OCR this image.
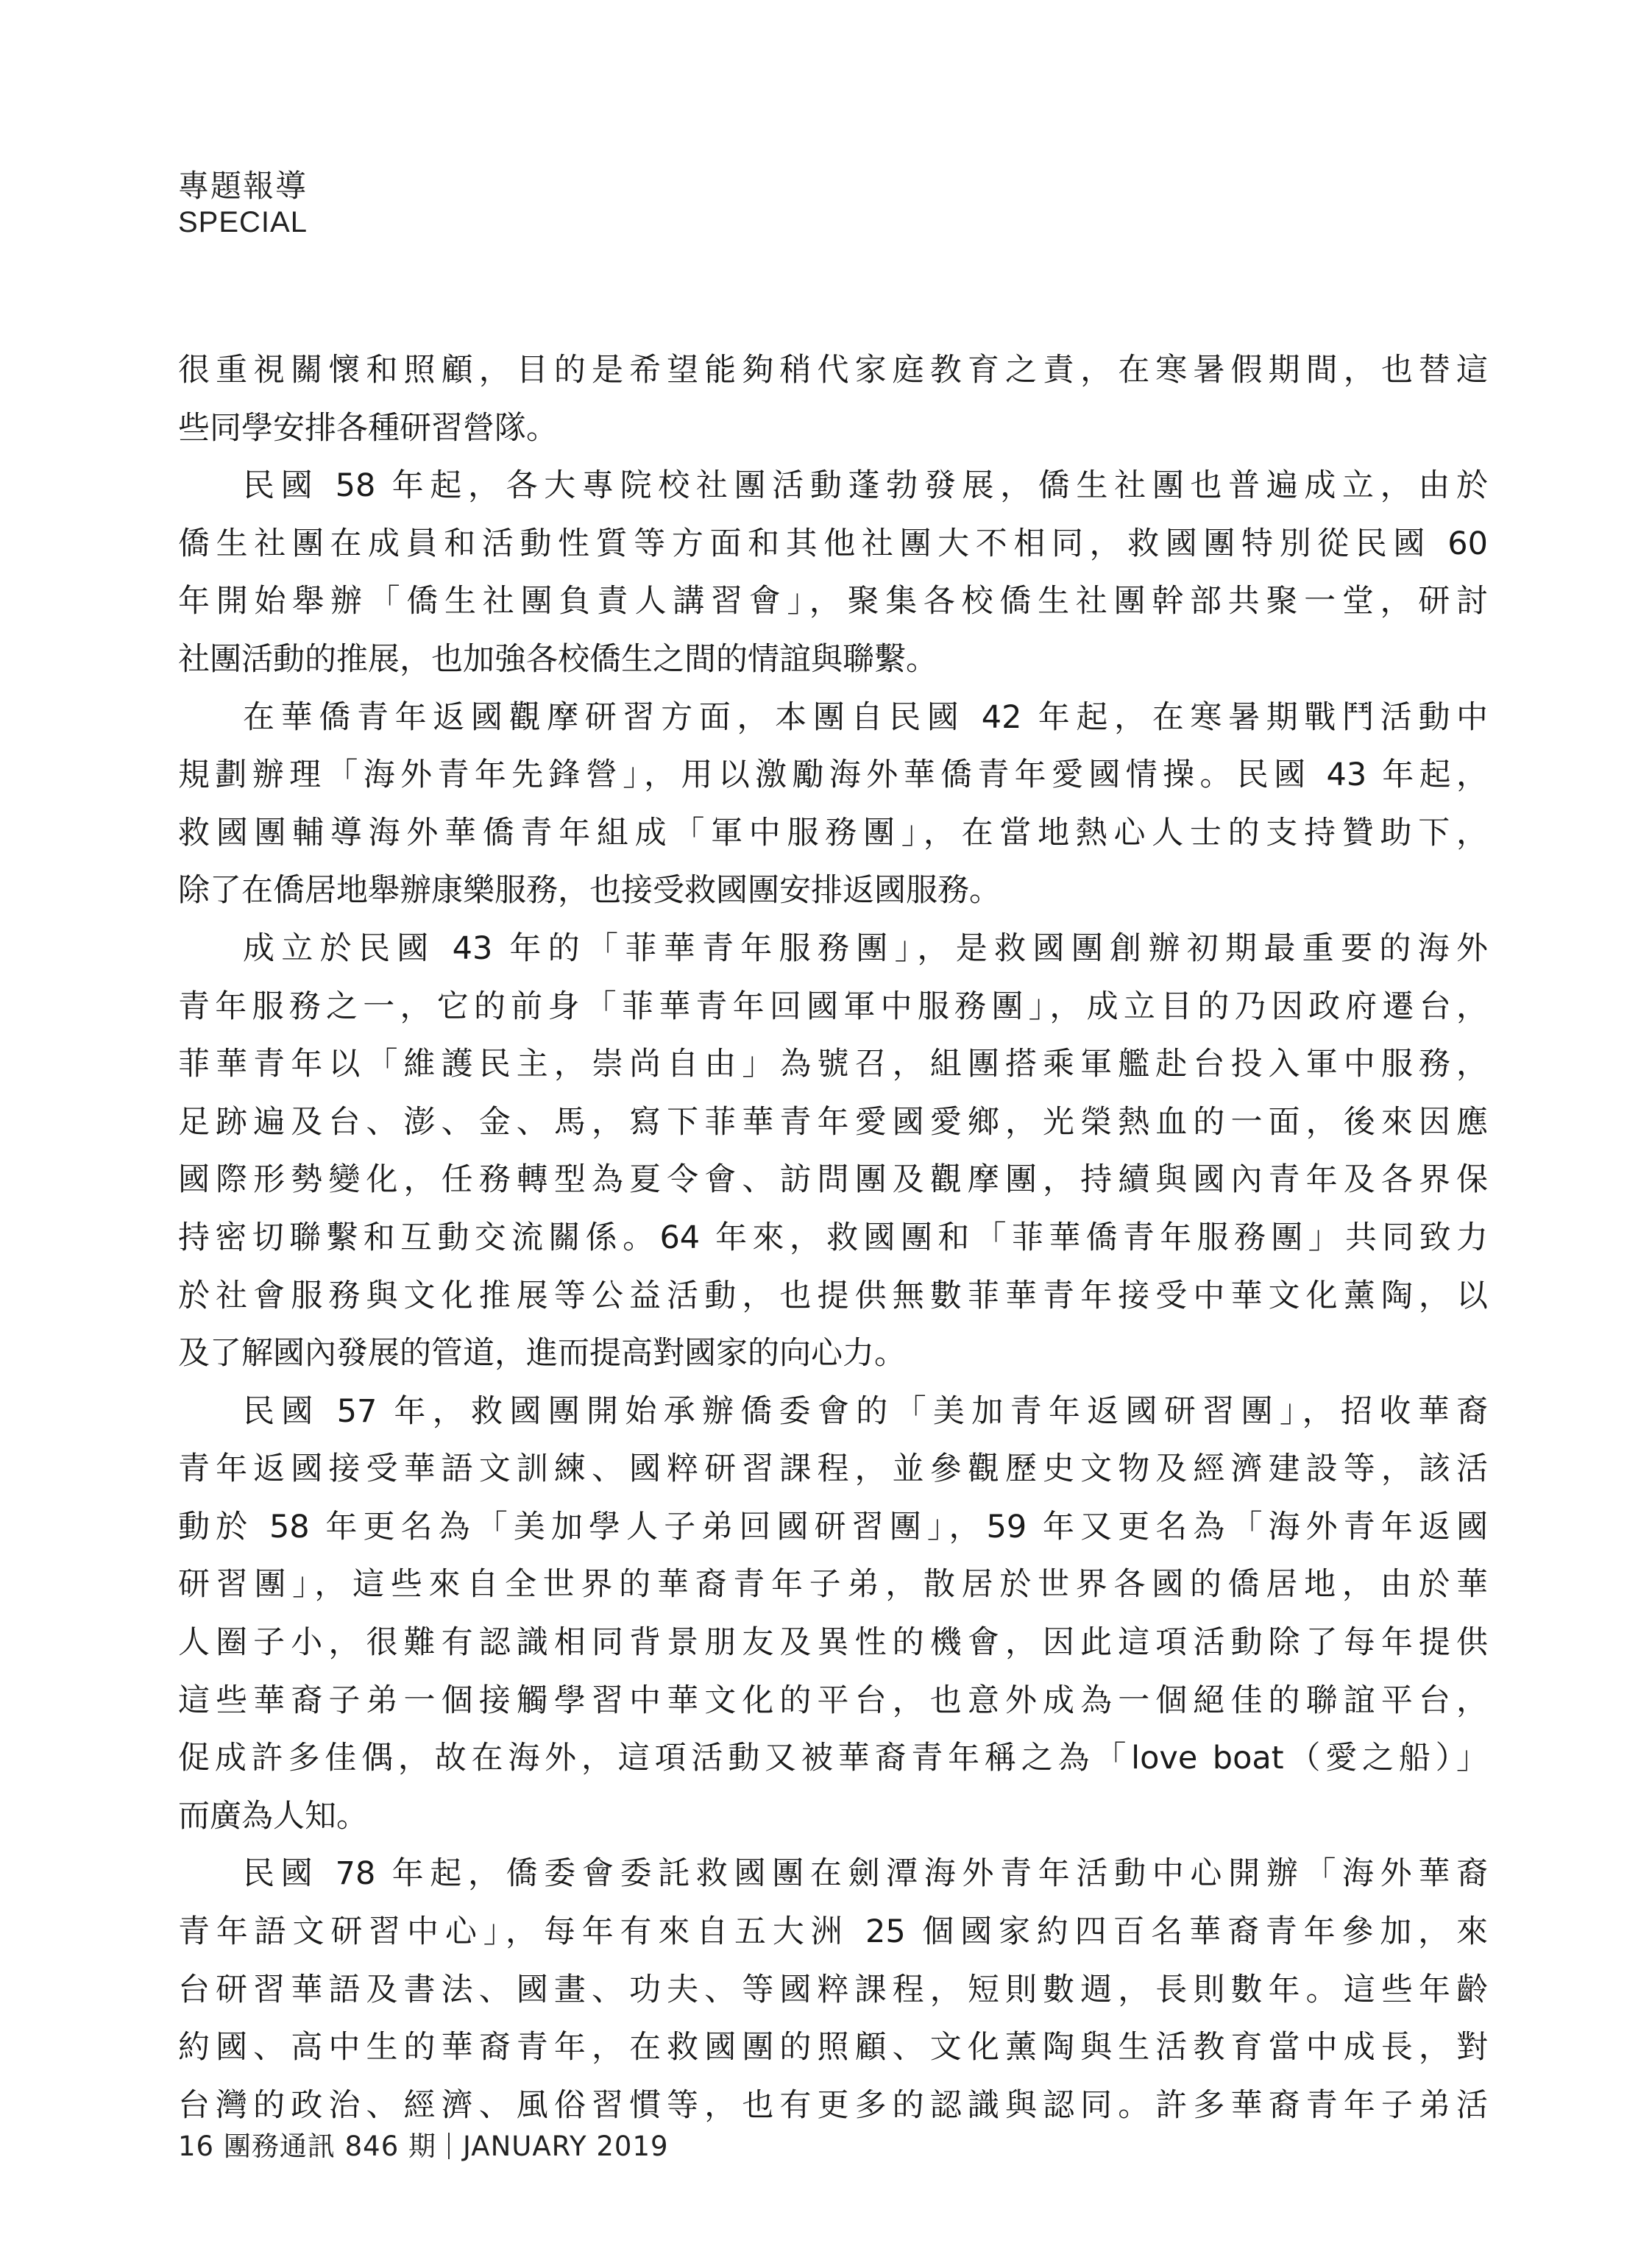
專題報導
SPECIAL
很重視關懷和照顧，目的是希望能夠稍代家庭教育之責，在寒暑假期間，也替這
些同學安排各種研習營隊。
民國 58 年起，各大專院校社團活動蓬勃發展，僑生社團也普遍成立，由於
僑生社團在成員和活動性質等方面和其他社團大不相同，救國團特別從民國 60
年開始舉辦「僑生社團負責人講習會」，聚集各校僑生社團幹部共聚一堂，研討
社團活動的推展，也加強各校僑生之間的情誼與聯繫。
在華僑青年返國觀摩研習方面，本團自民國 42 年起，在寒暑期戰鬥活動中
規劃辦理「海外青年先鋒營」，用以激勵海外華僑青年愛國情操。民國 43 年起，
救國團輔導海外華僑青年組成「軍中服務團」，在當地熱心人士的支持贊助下，
除了在僑居地舉辦康樂服務，也接受救國團安排返國服務。
成立於民國 43 年的「菲華青年服務團」，是救國團創辦初期最重要的海外
青年服務之一，它的前身「菲華青年回國軍中服務團」，成立目的乃因政府遷台，
菲華青年以「維護民主，崇尚自由」為號召，組團搭乘軍艦赴台投入軍中服務，
足跡遍及台、澎、金、馬，寫下菲華青年愛國愛鄉，光榮熱血的一面，後來因應
國際形勢變化，任務轉型為夏令會、訪問團及觀摩團，持續與國內青年及各界保
持密切聯繫和互動交流關係。64 年來，救國團和「菲華僑青年服務團」共同致力
於社會服務與文化推展等公益活動，也提供無數菲華青年接受中華文化薰陶，以
及了解國內發展的管道，進而提高對國家的向心力。
民國 57 年，救國團開始承辦僑委會的「美加青年返國研習團」，招收華裔
青年返國接受華語文訓練、國粹研習課程，並參觀歷史文物及經濟建設等，該活
動於 58 年更名為「美加學人子弟回國研習團」，59 年又更名為「海外青年返國
研習團」，這些來自全世界的華裔青年子弟，散居於世界各國的僑居地，由於華
人圈子小，很難有認識相同背景朋友及異性的機會，因此這項活動除了每年提供
這些華裔子弟一個接觸學習中華文化的平台，也意外成為一個絕佳的聯誼平台，
促成許多佳偶，故在海外，這項活動又被華裔青年稱之為「love boat（愛之船）」
而廣為人知。
民國 78 年起，僑委會委託救國團在劍潭海外青年活動中心開辦「海外華裔
青年語文研習中心」，每年有來自五大洲 25 個國家約四百名華裔青年參加，來
台研習華語及書法、國畫、功夫、等國粹課程，短則數週，長則數年。這些年齡
約國、高中生的華裔青年，在救國團的照顧、文化薰陶與生活教育當中成長，對
台灣的政治、經濟、風俗習慣等，也有更多的認識與認同。許多華裔青年子弟活
16 團務通訊 846 期 JANUARY 2019
